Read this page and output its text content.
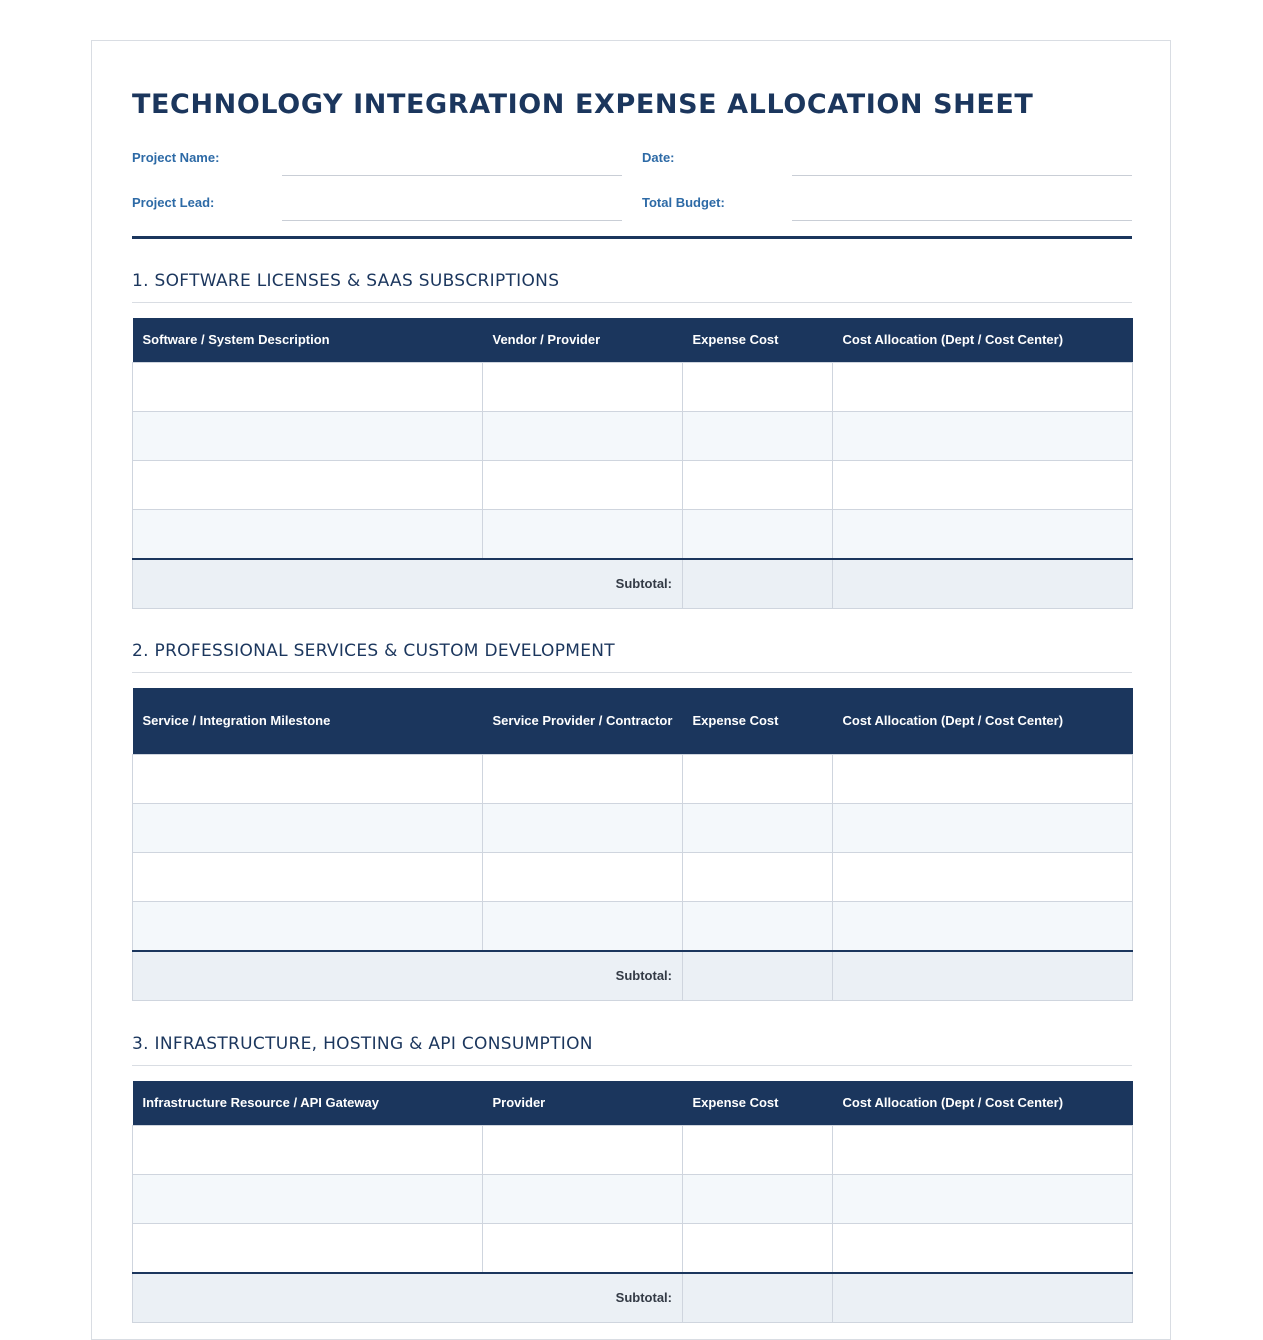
TECHNOLOGY INTEGRATION EXPENSE ALLOCATION SHEET
Project Name:	Date:
Project Lead:	Total Budget:
1. SOFTWARE LICENSES & SAAS SUBSCRIPTIONS
Software / System Description	Vendor / Provider	Expense Cost	Cost Allocation (Dept / Cost Center)

Subtotal:			
2. PROFESSIONAL SERVICES & CUSTOM DEVELOPMENT
Service / Integration Milestone	Service Provider / Contractor	Expense Cost	Cost Allocation (Dept / Cost Center)

Subtotal:			
3. INFRASTRUCTURE, HOSTING & API CONSUMPTION
Infrastructure Resource / API Gateway	Provider	Expense Cost	Cost Allocation (Dept / Cost Center)

Subtotal:			
